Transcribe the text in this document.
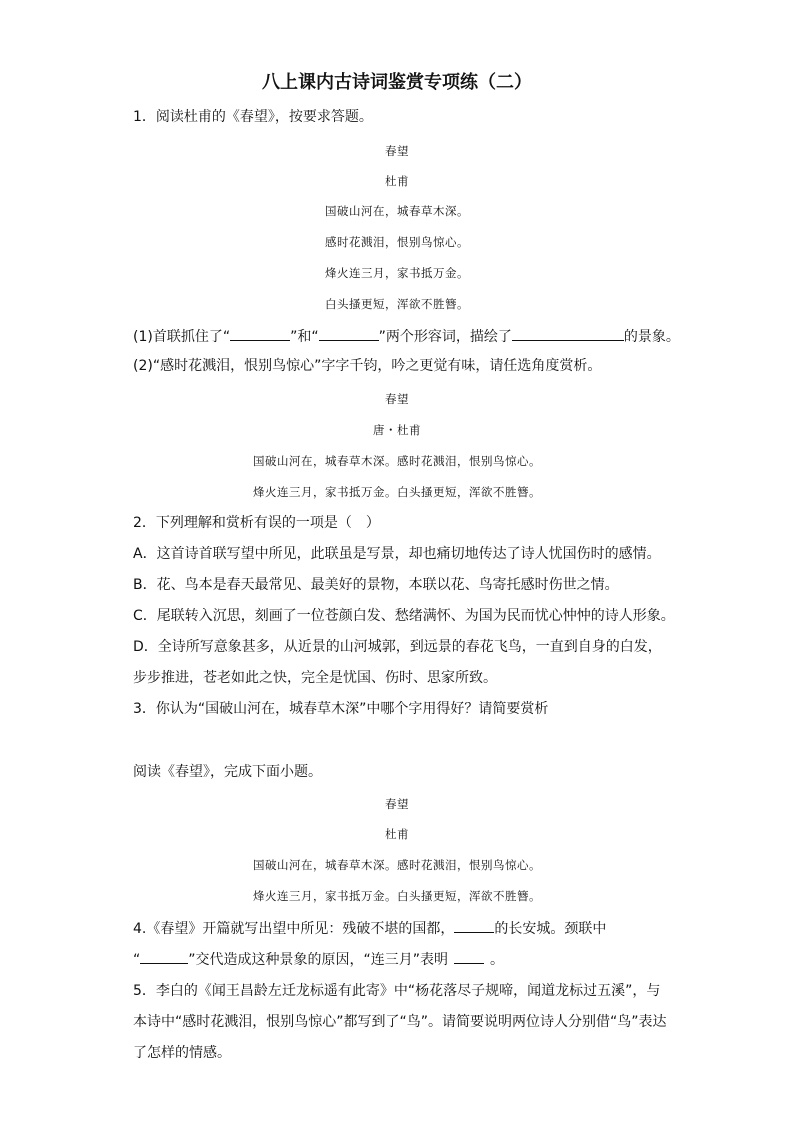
八上课内古诗词鉴赏专项练（二）
1．阅读杜甫的《春望》，按要求答题。
春望
杜甫
国破山河在，城春草木深。
感时花溅泪，恨别鸟惊心。
烽火连三月，家书抵万金。
白头搔更短，浑欲不胜簪。
(1)首联抓住了“	”和“	”两个形容词，描绘了	的景象。
(2)“感时花溅泪，恨别鸟惊心”字字千钧，吟之更觉有味，请任选角度赏析。
春望
唐・杜甫
国破山河在，城春草木深。感时花溅泪，恨别鸟惊心。
烽火连三月，家书抵万金。白头搔更短，浑欲不胜簪。
2．下列理解和赏析有误的一项是（　）
A．这首诗首联写望中所见，此联虽是写景，却也痛切地传达了诗人忧国伤时的感情。
B．花、鸟本是春天最常见、最美好的景物，本联以花、鸟寄托感时伤世之情。
C．尾联转入沉思，刻画了一位苍颜白发、愁绪满怀、为国为民而忧心忡忡的诗人形象。
D．全诗所写意象甚多，从近景的山河城郭，到远景的春花飞鸟，一直到自身的白发，
步步推进，苍老如此之快，完全是忧国、伤时、思家所致。
3．你认为“国破山河在，城春草木深”中哪个字用得好？请简要赏析
阅读《春望》，完成下面小题。
春望
杜甫
国破山河在，城春草木深。感时花溅泪，恨别鸟惊心。
烽火连三月，家书抵万金。白头搔更短，浑欲不胜簪。
4.《春望》开篇就写出望中所见：残破不堪的国都，	的长安城。颈联中
“	”交代造成这种景象的原因，“连三月”表明	。
5．李白的《闻王昌龄左迁龙标遥有此寄》中“杨花落尽子规啼，闻道龙标过五溪”，与
本诗中“感时花溅泪，恨别鸟惊心”都写到了“鸟”。请简要说明两位诗人分别借“鸟”表达
了怎样的情感。
